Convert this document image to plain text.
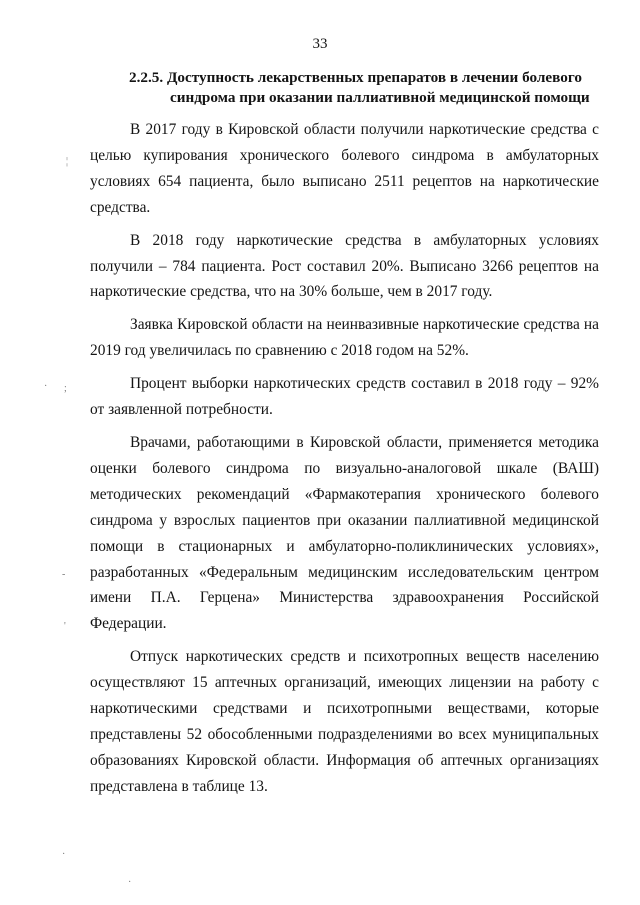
33
2.2.5. Доступность лекарственных препаратов в лечении болевого
синдрома при оказании паллиативной медицинской помощи

В 2017 году в Кировской области получили наркотические средства с целью купирования хронического болевого синдрома в амбулаторных условиях 654 пациента, было выписано 2511 рецептов на наркотические средства.

В 2018 году наркотические средства в амбулаторных условиях получили – 784 пациента. Рост составил 20%. Выписано 3266 рецептов на наркотические средства, что на 30% больше, чем в 2017 году.

Заявка Кировской области на неинвазивные наркотические средства на 2019 год увеличилась по сравнению с 2018 годом на 52%.

Процент выборки наркотических средств составил в 2018 году – 92% от заявленной потребности.

Врачами, работающими в Кировской области, применяется методика оценки болевого синдрома по визуально-аналоговой шкале (ВАШ) методических рекомендаций «Фармакотерапия хронического болевого синдрома у взрослых пациентов при оказании паллиативной медицинской помощи в стационарных и амбулаторно-поликлинических условиях», разработанных «Федеральным медицинским исследовательским центром имени П.А. Герцена» Министерства здравоохранения Российской Федерации.

Отпуск наркотических средств и психотропных веществ населению осуществляют 15 аптечных организаций, имеющих лицензии на работу с наркотическими средствами и психотропными веществами, которые представлены 52 обособленными подразделениями во всех муниципальных образованиях Кировской области. Информация об аптечных организациях представлена в таблице 13.

¦
· ;
-
'
·
·
